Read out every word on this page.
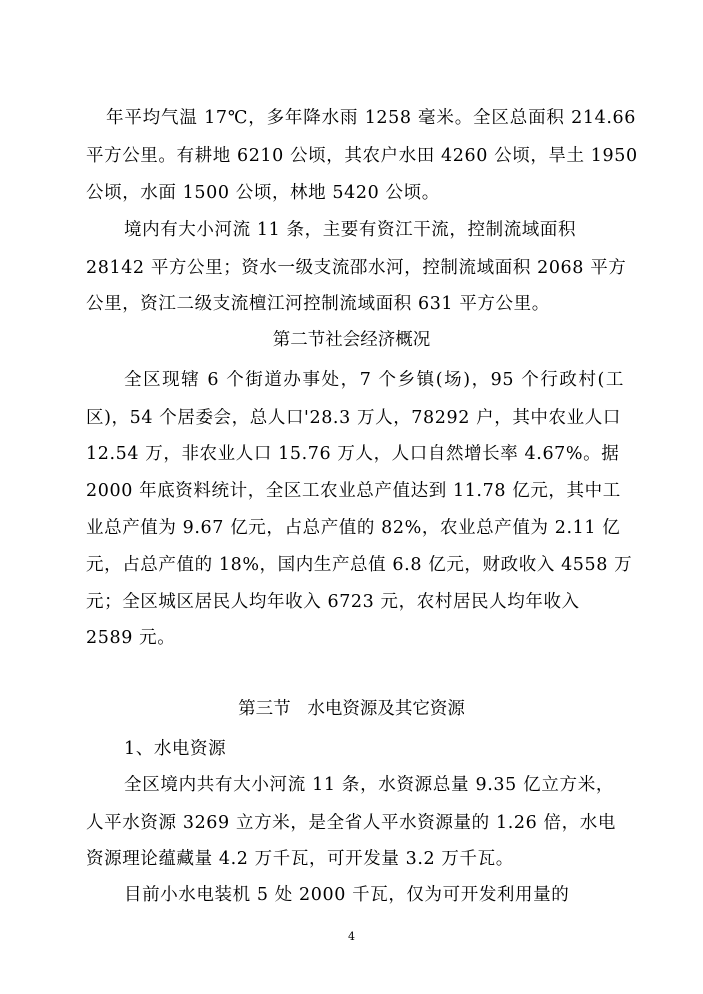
年平均气温 17℃，多年降水雨 1258 毫米。全区总面积 214.66
平方公里。有耕地 6210 公顷，其农户水田 4260 公顷，旱土 1950
公顷，水面 1500 公顷，林地 5420 公顷。
境内有大小河流 11 条，主要有资江干流，控制流域面积
28142 平方公里；资水一级支流邵水河，控制流域面积 2068 平方
公里，资江二级支流檀江河控制流域面积 631 平方公里。
第二节社会经济概况
全区现辖 6 个街道办事处，7 个乡镇(场)，95 个行政村(工
区)，54 个居委会，总人口'28.3 万人，78292 户，其中农业人口
12.54 万，非农业人口 15.76 万人，人口自然增长率 4.67%。据
2000 年底资料统计，全区工农业总产值达到 11.78 亿元，其中工
业总产值为 9.67 亿元，占总产值的 82%，农业总产值为 2.11 亿
元，占总产值的 18%，国内生产总值 6.8 亿元，财政收入 4558 万
元；全区城区居民人均年收入 6723 元，农村居民人均年收入
2589 元。
第三节   水电资源及其它资源
1、水电资源
全区境内共有大小河流 11 条，水资源总量 9.35 亿立方米，
人平水资源 3269 立方米，是全省人平水资源量的 1.26 倍，水电
资源理论蕴藏量 4.2 万千瓦，可开发量 3.2 万千瓦。
目前小水电装机 5 处 2000 千瓦，仅为可开发利用量的
4
